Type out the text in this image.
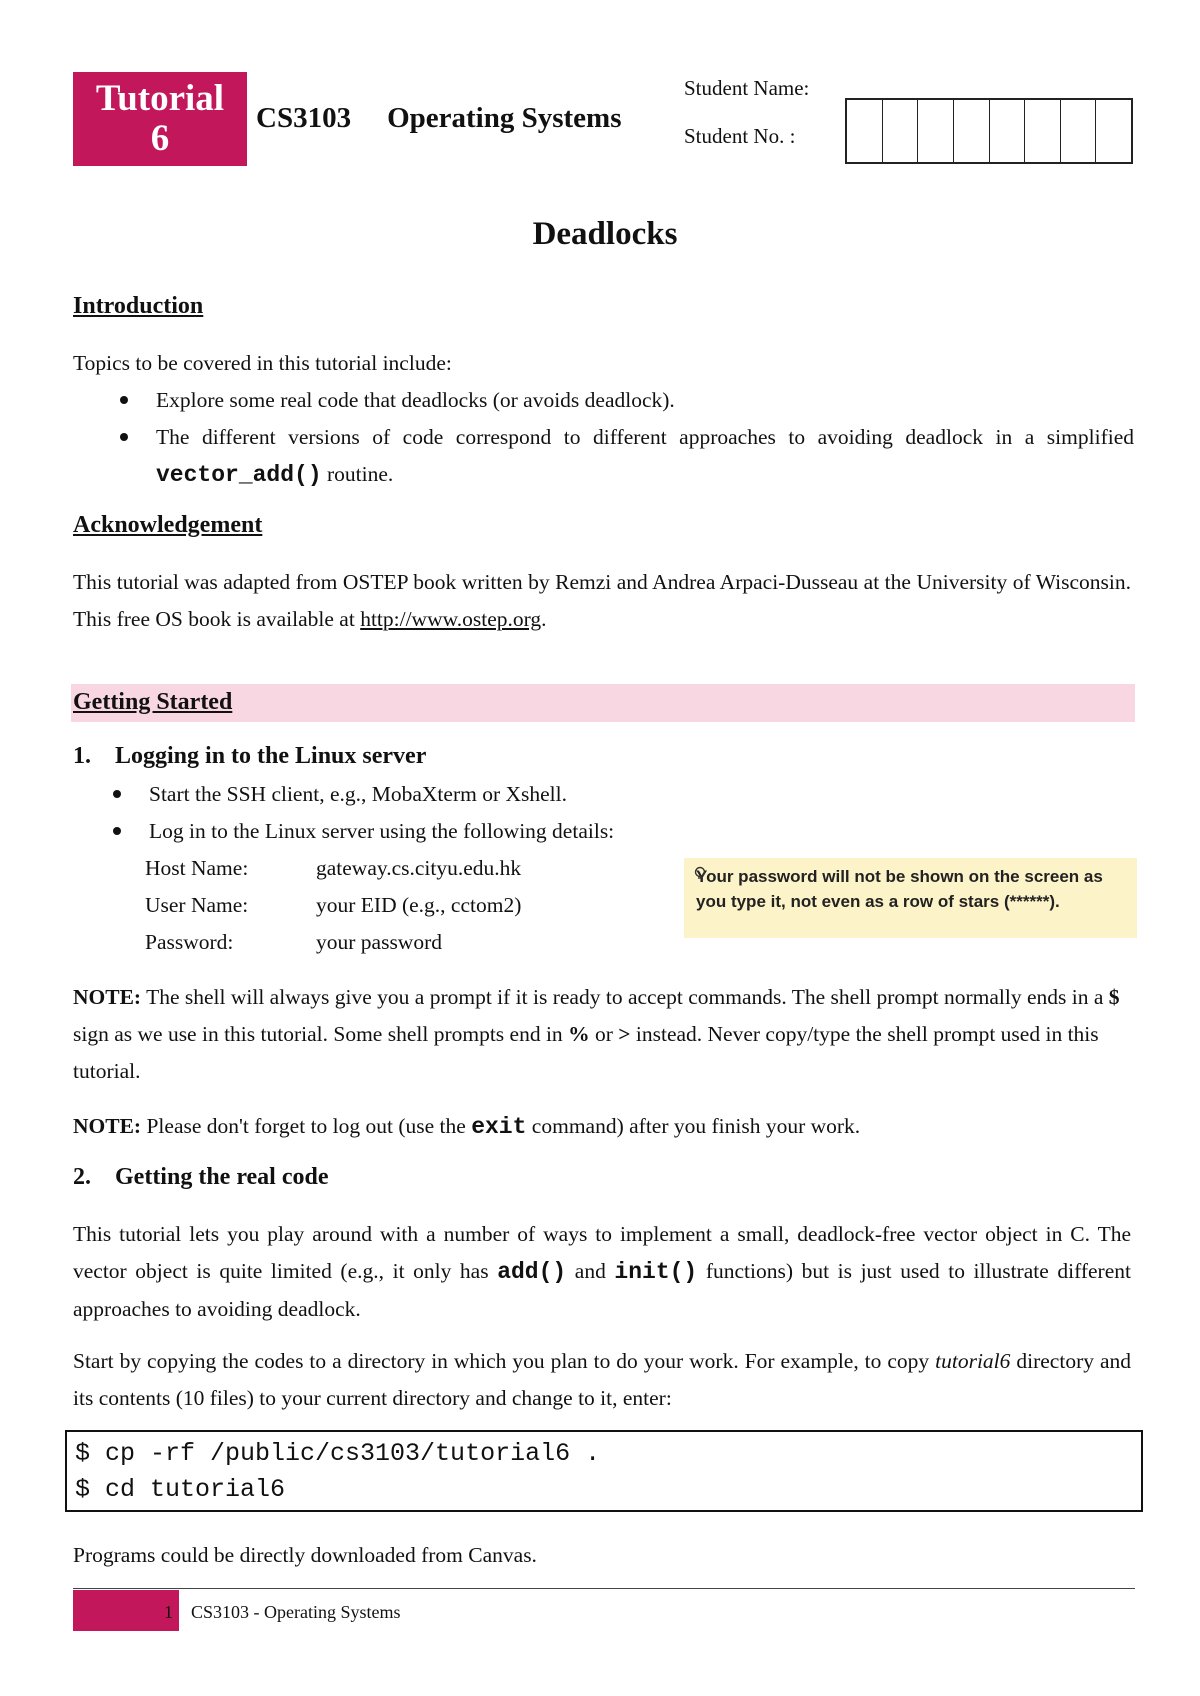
Tutorial
6	CS3103 Operating Systems
Student Name:
Student No. :
Deadlocks
Introduction
Topics to be covered in this tutorial include:
Explore some real code that deadlocks (or avoids deadlock).
The different versions of code correspond to different approaches to avoiding deadlock in a simplified vector_add() routine.
Acknowledgement
This tutorial was adapted from OSTEP book written by Remzi and Andrea Arpaci-Dusseau at the University of Wisconsin. This free OS book is available at http://www.ostep.org.
Getting Started
1. Logging in to the Linux server
Start the SSH client, e.g., MobaXterm or Xshell.
Log in to the Linux server using the following details:
Host Name:	gateway.cs.cityu.edu.hk
User Name:	your EID (e.g., cctom2)
Password:	your password
Your password will not be shown on the screen as you type it, not even as a row of stars (******).
NOTE: The shell will always give you a prompt if it is ready to accept commands. The shell prompt normally ends in a $ sign as we use in this tutorial. Some shell prompts end in % or > instead. Never copy/type the shell prompt used in this tutorial.
NOTE: Please don't forget to log out (use the exit command) after you finish your work.
2. Getting the real code
This tutorial lets you play around with a number of ways to implement a small, deadlock-free vector object in C. The vector object is quite limited (e.g., it only has add() and init() functions) but is just used to illustrate different approaches to avoiding deadlock.
Start by copying the codes to a directory in which you plan to do your work. For example, to copy tutorial6 directory and its contents (10 files) to your current directory and change to it, enter:
$ cp -rf /public/cs3103/tutorial6 .
$ cd tutorial6
Programs could be directly downloaded from Canvas.
1	CS3103 - Operating Systems
